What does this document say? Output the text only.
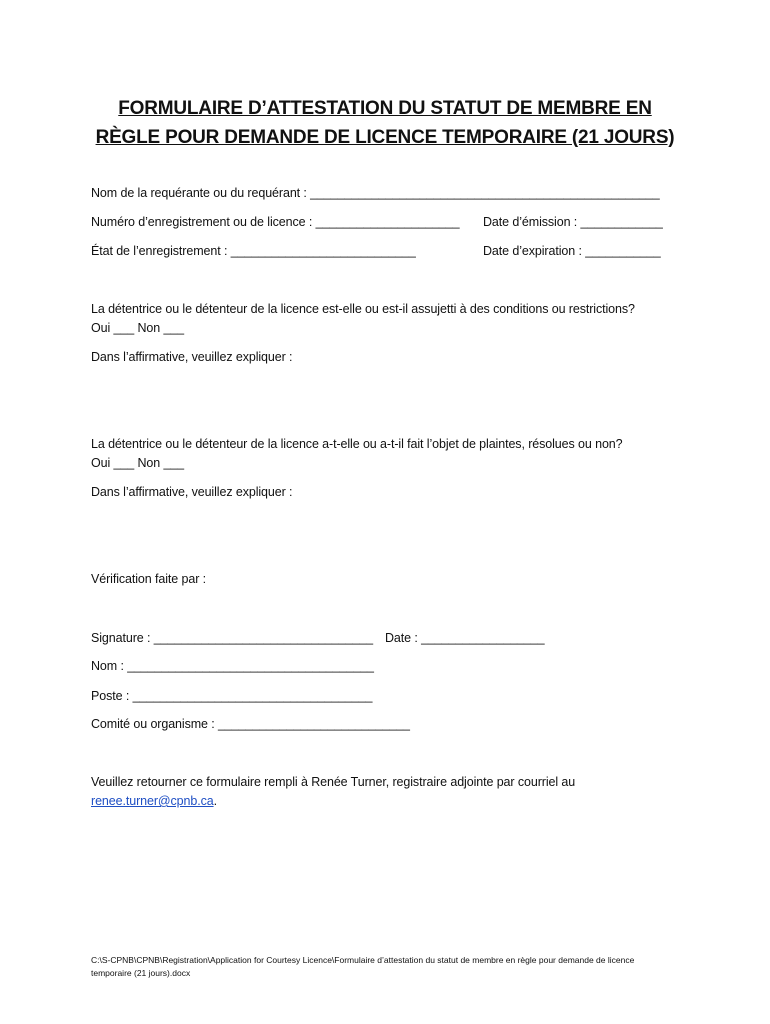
FORMULAIRE D’ATTESTATION DU STATUT DE MEMBRE EN
RÈGLE POUR DEMANDE DE LICENCE TEMPORAIRE (21 JOURS)
Nom de la requérante ou du requérant : ___________________________________________________
Numéro d’enregistrement ou de licence : _____________________ Date d’émission : ____________
État de l’enregistrement : ___________________________	Date d’expiration : ___________
La détentrice ou le détenteur de la licence est-elle ou est-il assujetti à des conditions ou restrictions?
Oui ___ Non ___
Dans l’affirmative, veuillez expliquer :
La détentrice ou le détenteur de la licence a-t-elle ou a-t-il fait l’objet de plaintes, résolues ou non?
Oui ___ Non ___
Dans l’affirmative, veuillez expliquer :
Vérification faite par :
Signature : ________________________________ Date : __________________
Nom : ____________________________________
Poste : ___________________________________
Comité ou organisme : ____________________________
Veuillez retourner ce formulaire rempli à Renée Turner, registraire adjointe par courriel au
renee.turner@cpnb.ca.
C:\S-CPNB\CPNB\Registration\Application for Courtesy Licence\Formulaire d’attestation du statut de membre en règle pour demande de licence temporaire (21 jours).docx
